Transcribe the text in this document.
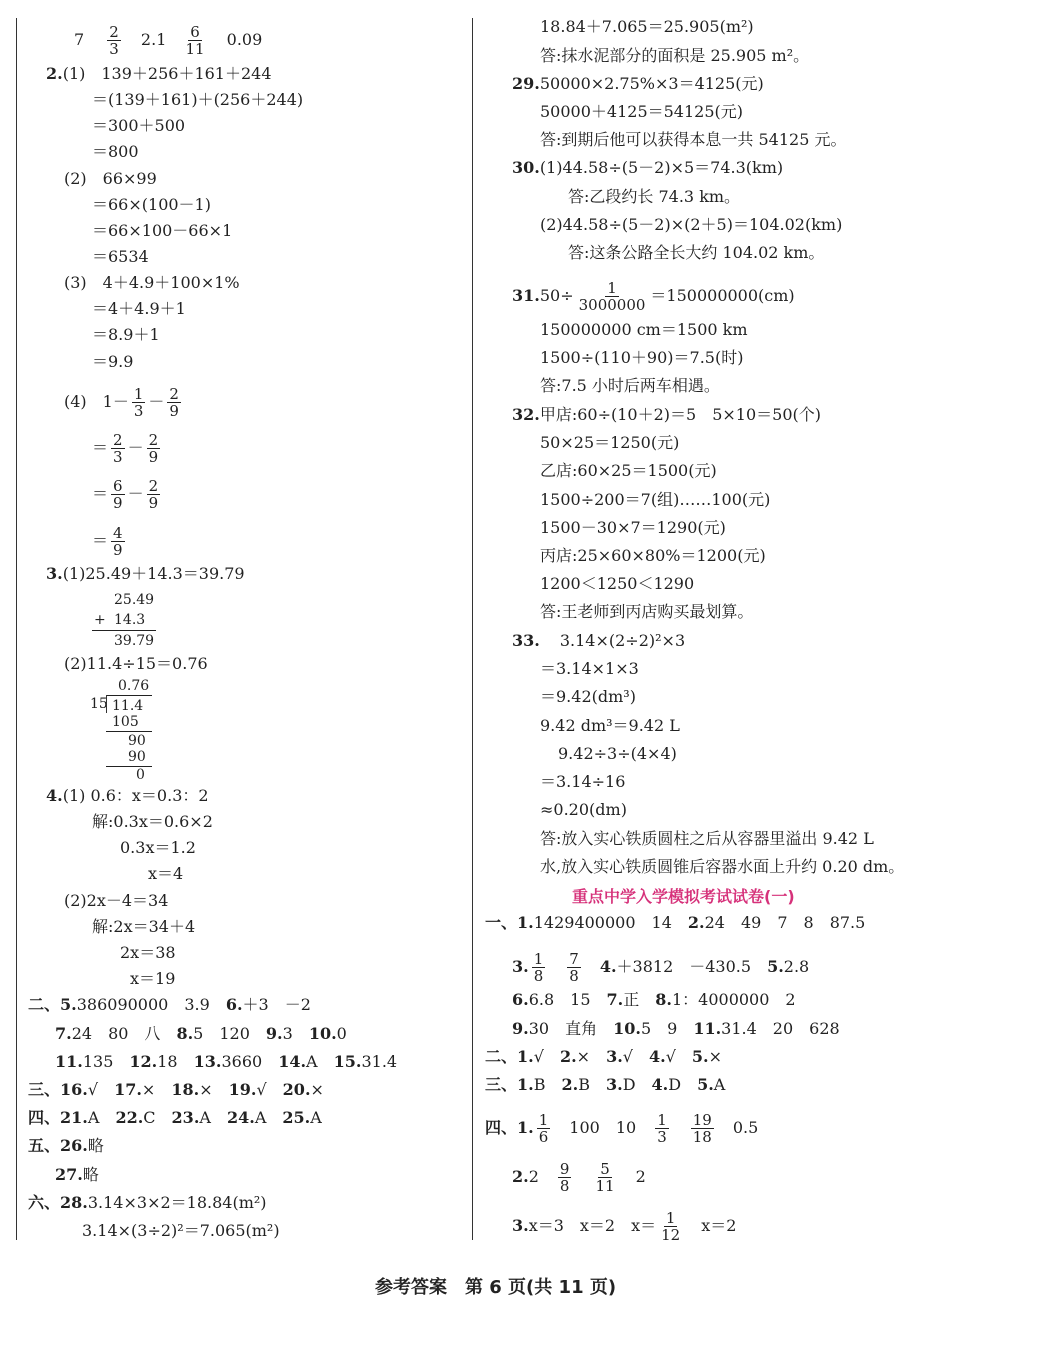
$7 \frac{2}{3} 2.1 \frac{6}{11} 0.09$
2.(1)　139＋256＋161＋244
＝(139＋161)＋(256＋244)
＝300＋500
＝800
(2)　66×99
＝66×(100－1)
＝66×100－66×1
＝6534
(3)　4＋4.9＋100×1%
＝4＋4.9＋1
＝8.9＋1
＝9.9
(4)　$1- \frac{1}{3} - \frac{2}{9}$
＝ $\frac{2}{3} - \frac{2}{9}$
＝ $\frac{6}{9} - \frac{2}{9}$
＝ $\frac{4}{9}$
3.(1)25.49＋14.3＝39.79
25.49
+ 14.3
39.79
(2)11.4÷15＝0.76
0.76
15 11.4
105
90
90
0
4.(1) 0.6：x＝0.3：2
解:0.3x＝0.6×2
0.3x＝1.2
x＝4
(2)2x－4＝34
解:2x＝34＋4
2x＝38
x＝19
二、5.386090000　3.9　 6.＋3　－2
7.24　80　八　 8.5　120　 9.3　 10.0
11.135　 12.18　 13.3660　 14.A　 15.31.4
三、16.√　 17.×　 18.×　 19.√　 20.×
四、21.A　 22.C　 23.A　 24.A　 25.A
五、26.略
27.略
六、28.3.14×3×2＝18.84(m²)
3.14×(3÷2)²＝7.065(m²)
18.84＋7.065＝25.905(m²)
答:抹水泥部分的面积是 25.905 m²。
29.50000×2.75%×3＝4125(元)
50000＋4125＝54125(元)
答:到期后他可以获得本息一共 54125 元。
30.(1)44.58÷(5－2)×5＝74.3(km)
答:乙段约长 74.3 km。
(2)44.58÷(5－2)×(2＋5)＝104.02(km)
答:这条公路全长大约 104.02 km。
$31.50\div \frac{1}{3000000} =150000000(cm)$
150000000 cm＝1500 km
1500÷(110＋90)＝7.5(时)
答:7.5 小时后两车相遇。
32.甲店:60÷(10＋2)＝5　5×10＝50(个)
50×25＝1250(元)
乙店:60×25＝1500(元)
1500÷200＝7(组)……100(元)
1500－30×7＝1290(元)
丙店:25×60×80%＝1200(元)
1200＜1250＜1290
答:王老师到丙店购买最划算。
33. 3.14×(2÷2)²×3
＝3.14×1×3
＝9.42(dm³)
9.42 dm³＝9.42 L
9.42÷3÷(4×4)
＝3.14÷16
≈0.20(dm)
答:放入实心铁质圆柱之后从容器里溢出 9.42 L
水,放入实心铁质圆锥后容器水面上升约 0.20 dm。
重点中学入学模拟考试试卷(一)
一、1.1429400000　14　 2.24　49　7　8　87.5
3. $\frac{1}{8}$
　 $\frac{7}{8}$
　 4.＋3812　－430.5　 5.2.8
6.6.8　15　 7.正　 8.1：4000000　2
9.30　直角　 10.5　9　 11.31.4　20　628
二、1.√　 2.×　 3.√　 4.√　 5.×
三、1.B　 2.B　 3.D　 4.D　 5.A
四、1. $\frac{1}{6}$
　 100　10　 $\frac{1}{3}$
　 $\frac{19}{18}$
　 0.5
2.2　 $\frac{9}{8}$
　 $\frac{5}{11}$
　 2
3.x＝3　x＝2　$x= \frac{1}{12}$
　 x＝2
参考答案　第 6 页(共 11 页)
